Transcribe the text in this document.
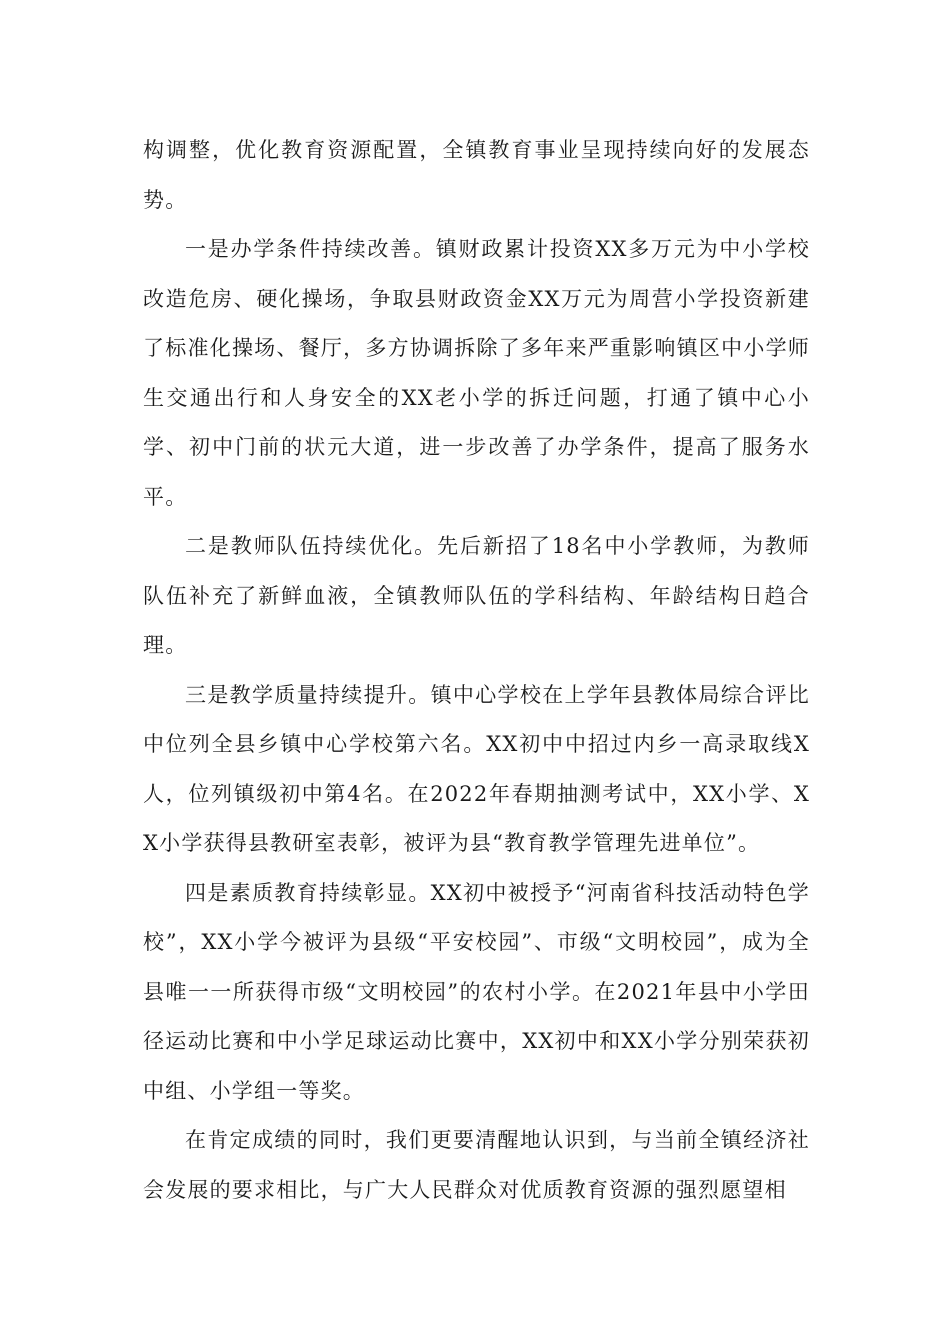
构调整，优化教育资源配置，全镇教育事业呈现持续向好的发展态势。

一是办学条件持续改善。镇财政累计投资XX多万元为中小学校改造危房、硬化操场，争取县财政资金XX万元为周营小学投资新建了标准化操场、餐厅，多方协调拆除了多年来严重影响镇区中小学师生交通出行和人身安全的XX老小学的拆迁问题，打通了镇中心小学、初中门前的状元大道，进一步改善了办学条件，提高了服务水平。

二是教师队伍持续优化。先后新招了18名中小学教师，为教师队伍补充了新鲜血液，全镇教师队伍的学科结构、年龄结构日趋合理。

三是教学质量持续提升。镇中心学校在上学年县教体局综合评比中位列全县乡镇中心学校第六名。XX初中中招过内乡一高录取线X人，位列镇级初中第4名。在2022年春期抽测考试中，XX小学、XX小学获得县教研室表彰，被评为县“教育教学管理先进单位”。

四是素质教育持续彰显。XX初中被授予“河南省科技活动特色学校”，XX小学今被评为县级“平安校园”、市级“文明校园”，成为全县唯一一所获得市级“文明校园”的农村小学。在2021年县中小学田径运动比赛和中小学足球运动比赛中，XX初中和XX小学分别荣获初中组、小学组一等奖。

在肯定成绩的同时，我们更要清醒地认识到，与当前全镇经济社会发展的要求相比，与广大人民群众对优质教育资源的强烈愿望相
